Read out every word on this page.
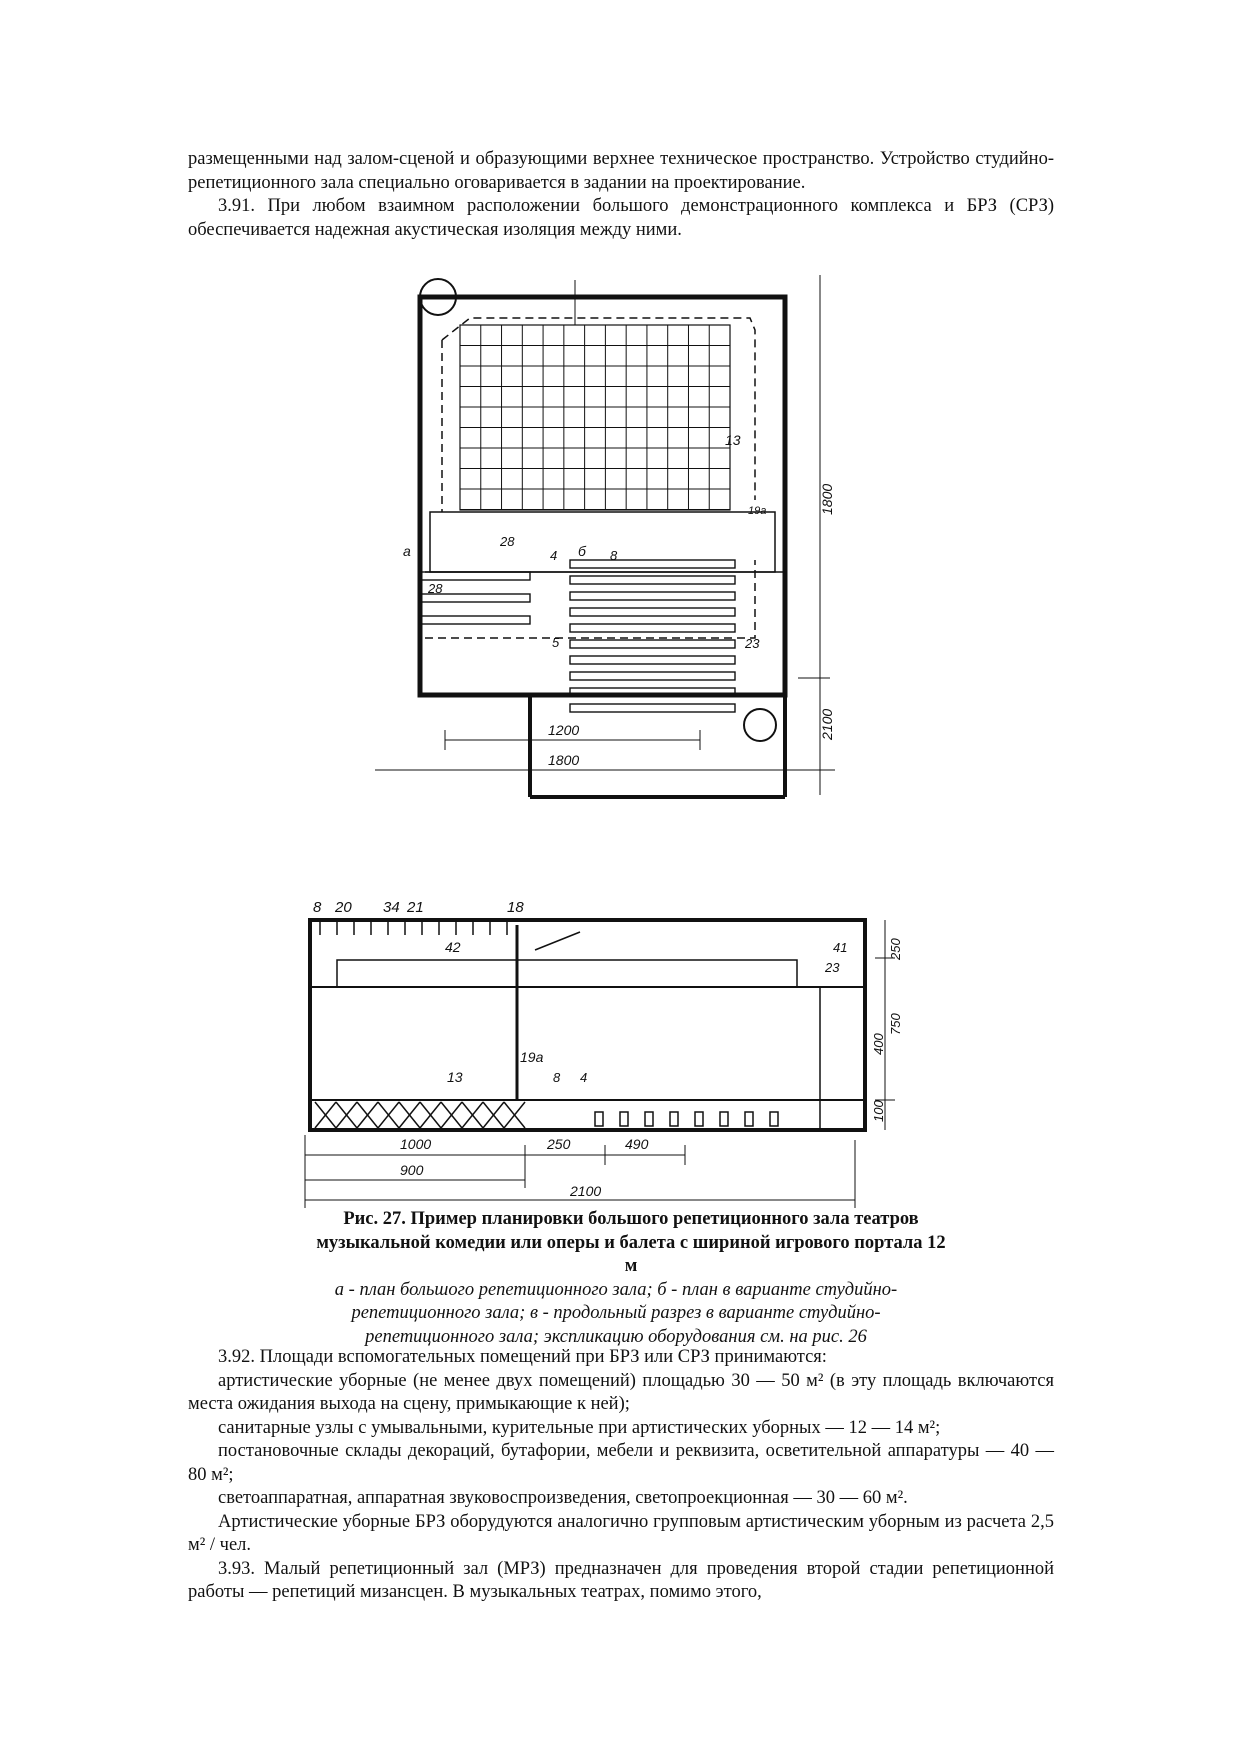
размещенными над залом-сценой и образующими верхнее техническое пространство. Устройство студийно-репетиционного зала специально оговаривается в задании на проектирование.

3.91. При любом взаимном расположении большого демонстрационного комплекса и БРЗ (СРЗ) обеспечивается надежная акустическая изоляция между ними.

а	б
13
19а
28
8
4
28
5	23
1200
1800
1800
2100
8 20 34 21	18
42	41
23
13
19а
8 4
250
750
400
100
1000	250	490
900
2100
Рис. 27. Пример планировки большого репетиционного зала театров музыкальной комедии или оперы и балета с шириной игрового портала 12 м
а - план большого репетиционного зала; б - план в варианте студийно-репетиционного зала; в - продольный разрез в варианте студийно-репетиционного зала; экспликацию оборудования см. на рис. 26

3.92. Площади вспомогательных помещений при БРЗ или СРЗ принимаются:

артистические уборные (не менее двух помещений) площадью 30 — 50 м² (в эту площадь включаются места ожидания выхода на сцену, примыкающие к ней);

санитарные узлы с умывальными, курительные при артистических уборных — 12 — 14 м²;

постановочные склады декораций, бутафории, мебели и реквизита, осветительной аппаратуры — 40 — 80 м²;

светоаппаратная, аппаратная звуковоспроизведения, светопроекционная — 30 — 60 м².

Артистические уборные БРЗ оборудуются аналогично групповым артистическим уборным из расчета 2,5 м² / чел.

3.93. Малый репетиционный зал (МРЗ) предназначен для проведения второй стадии репетиционной работы — репетиций мизансцен. В музыкальных театрах, помимо этого,
